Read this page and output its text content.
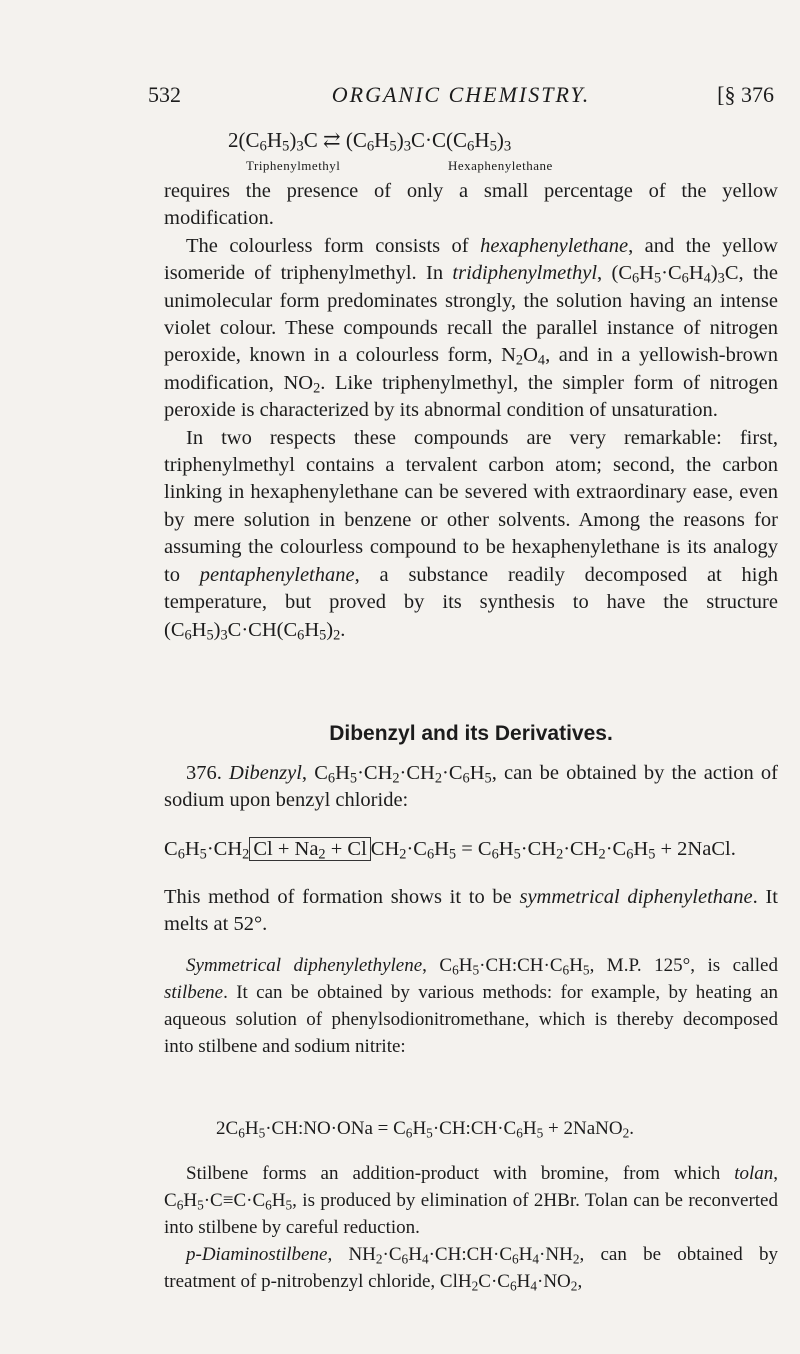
532	ORGANIC CHEMISTRY.	[§ 376
$2(C_6H_5)_3C$ ⇄ $(C_6H_5)_3C\cdot C(C_6H_5)_3$
Triphenylmethyl	Hexaphenylethane

requires the presence of only a small percentage of the yellow modification.

The colourless form consists of hexaphenylethane, and the yellow isomeride of triphenylmethyl. In tridiphenylmethyl, $(C_6H_5\cdot C_6H_4)_3C$, the unimolecular form predominates strongly, the solution having an intense violet colour. These compounds recall the parallel instance of nitrogen peroxide, known in a colourless form, $N_2O_4$, and in a yellowish-brown modification, $NO_2$. Like triphenylmethyl, the simpler form of nitrogen peroxide is characterized by its abnormal condition of unsaturation.

In two respects these compounds are very remarkable: first, triphenylmethyl contains a tervalent carbon atom; second, the carbon linking in hexaphenylethane can be severed with extraordinary ease, even by mere solution in benzene or other solvents. Among the reasons for assuming the colourless compound to be hexaphenylethane is its analogy to pentaphenylethane, a substance readily decomposed at high temperature, but proved by its synthesis to have the structure $(C_6H_5)_3C\cdot CH(C_6H_5)_2$.

Dibenzyl and its Derivatives.

376. Dibenzyl, $C_6H_5\cdot CH_2\cdot CH_2\cdot C_6H_5$, can be obtained by the action of sodium upon benzyl chloride:

$C_6H_5\cdot CH_2$ $Cl + Na_2 + Cl$ $CH_2\cdot C_6H_5 = C_6H_5\cdot CH_2\cdot CH_2\cdot C_6H_5$ + 2NaCl.

This method of formation shows it to be symmetrical diphenylethane. It melts at 52°.

Symmetrical diphenylethylene, $C_6H_5\cdot CH:CH\cdot C_6H_5$, M.P. 125°, is called stilbene. It can be obtained by various methods: for example, by heating an aqueous solution of phenylsodionitromethane, which is thereby decomposed into stilbene and sodium nitrite:

$2C_6H_5\cdot CH:NO\cdot ONa$ = $C_6H_5\cdot CH:CH\cdot C_6H_5$ + 2NaNO$_2$.

Stilbene forms an addition-product with bromine, from which tolan, $C_6H_5\cdot C\equiv C\cdot C_6H_5$, is produced by elimination of 2HBr. Tolan can be reconverted into stilbene by careful reduction.

p-Diaminostilbene, $NH_2\cdot C_6H_4\cdot CH:CH\cdot C_6H_4\cdot NH_2$, can be obtained by treatment of p-nitrobenzyl chloride, $ClH_2C\cdot C_6H_4\cdot NO_2$,
